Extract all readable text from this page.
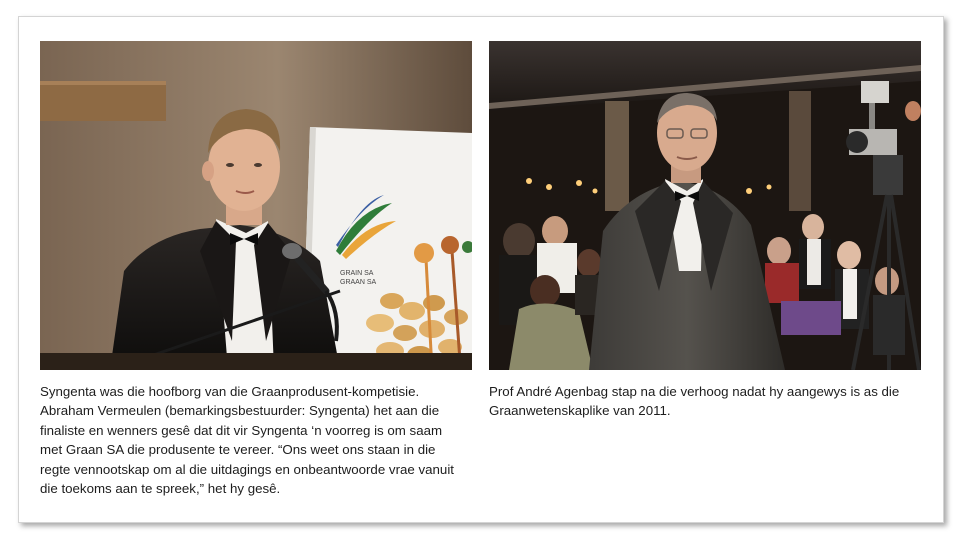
GRAIN SA
GRAAN SA

Syngenta was die hoofborg van die Graanprodusent-kompetisie. Abraham Vermeulen (bemarkingsbestuurder: Syngenta) het aan die finaliste en wenners gesê dat dit vir Syngenta ‘n voorreg is om saam met Graan SA die produsente te vereer. “Ons weet ons staan in die regte vennootskap om al die uitdagings en onbeantwoorde vrae vanuit die toekoms aan te spreek,” het hy gesê.

Prof André Agenbag stap na die verhoog nadat hy aangewys is as die Graanwetenskaplike van 2011.
